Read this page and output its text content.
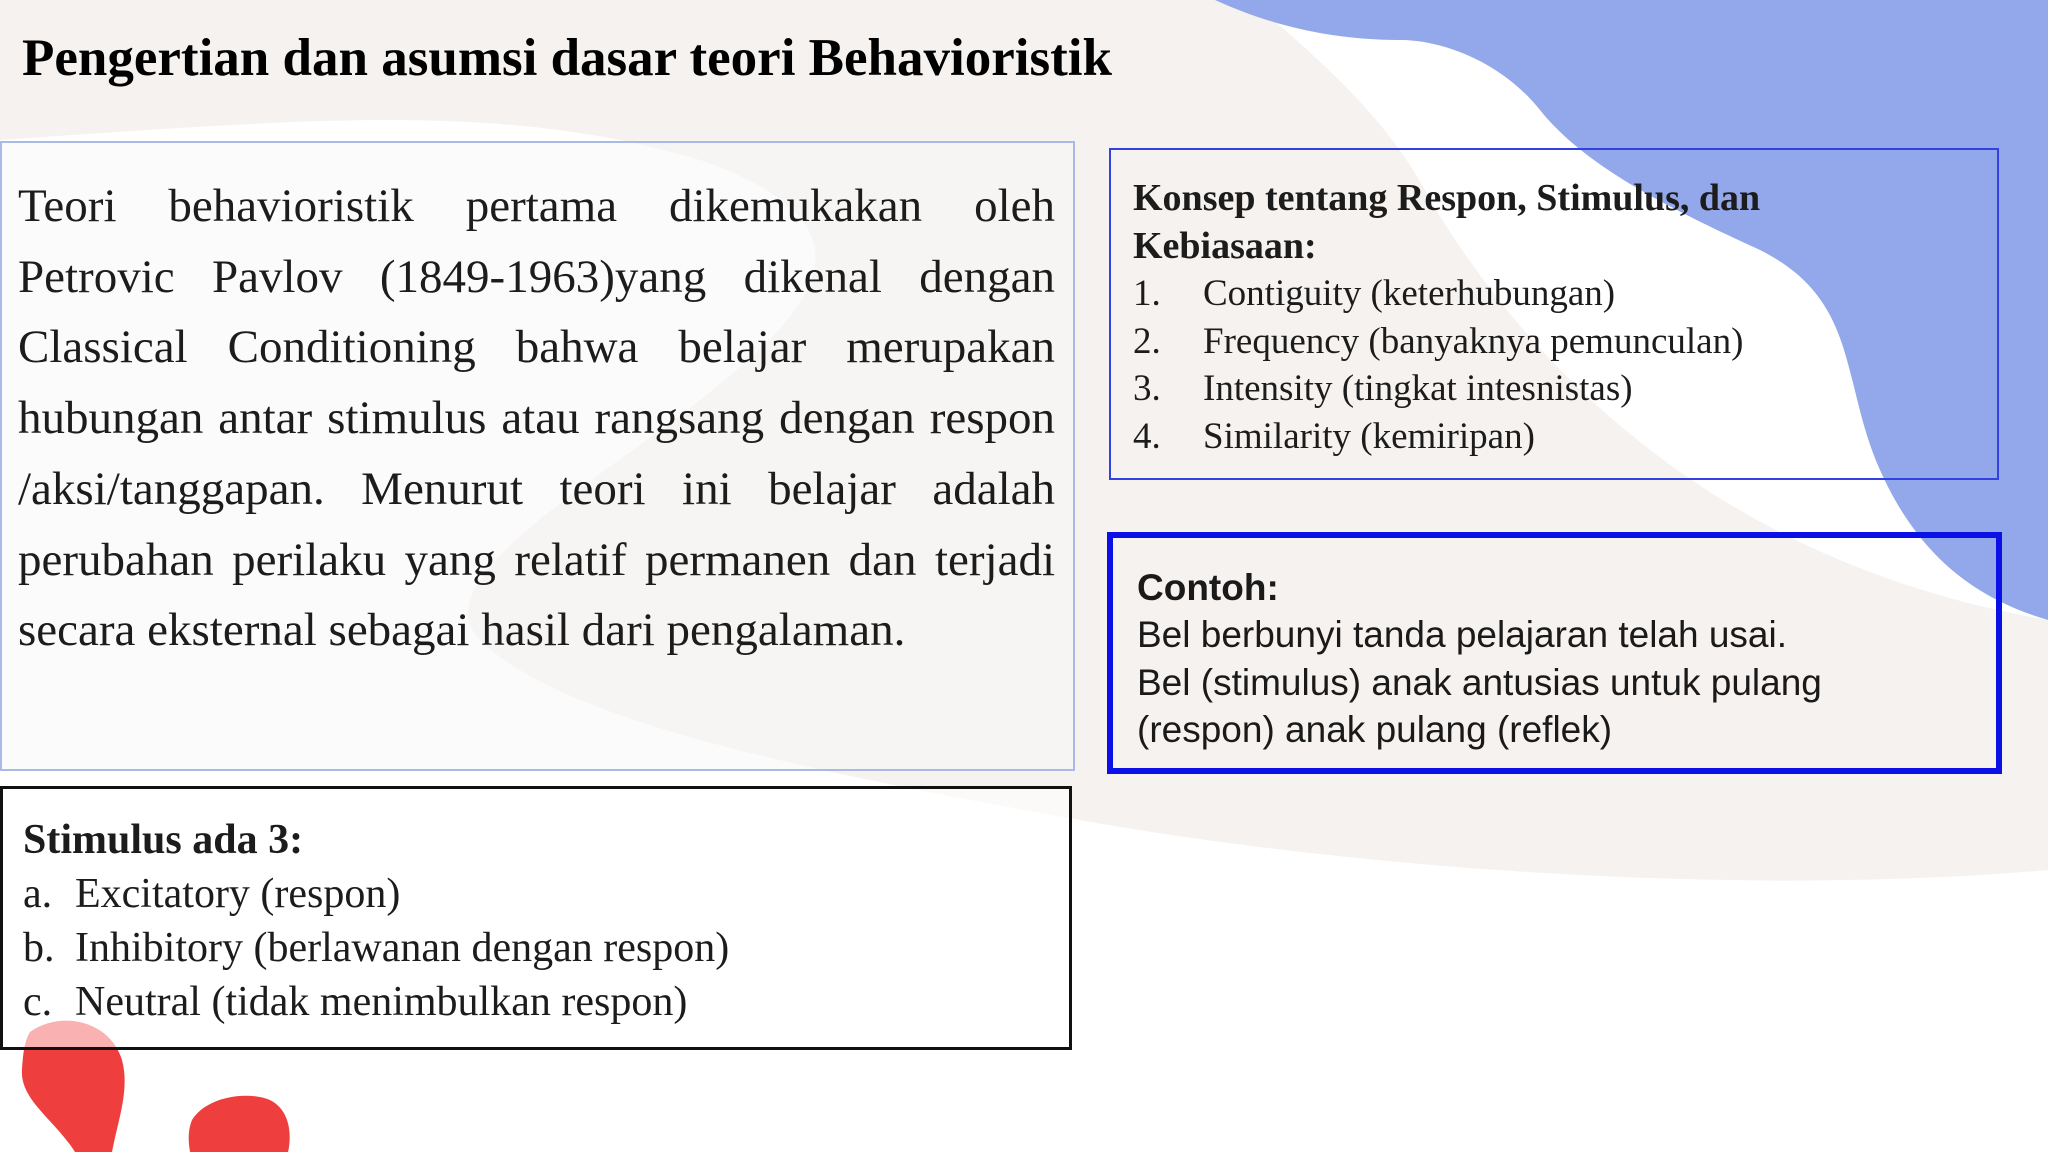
Pengertian dan asumsi dasar teori Behavioristik

Teori behavioristik pertama dikemukakan oleh Petrovic Pavlov (1849-1963)yang dikenal dengan Classical Conditioning bahwa belajar merupakan hubungan antar stimulus atau rangsang dengan respon /aksi/tanggapan. Menurut teori ini belajar adalah perubahan perilaku yang relatif permanen dan terjadi secara eksternal sebagai hasil dari pengalaman.

Konsep tentang Respon, Stimulus, dan
Kebiasaan:
1. Contiguity (keterhubungan)
2. Frequency (banyaknya pemunculan)
3. Intensity (tingkat intesnistas)
4. Similarity (kemiripan)
Contoh:
Bel berbunyi tanda pelajaran telah usai.
Bel (stimulus) anak antusias untuk pulang
(respon) anak pulang (reflek)
Stimulus ada 3:
a. Excitatory (respon)
b. Inhibitory (berlawanan dengan respon)
c. Neutral (tidak menimbulkan respon)
